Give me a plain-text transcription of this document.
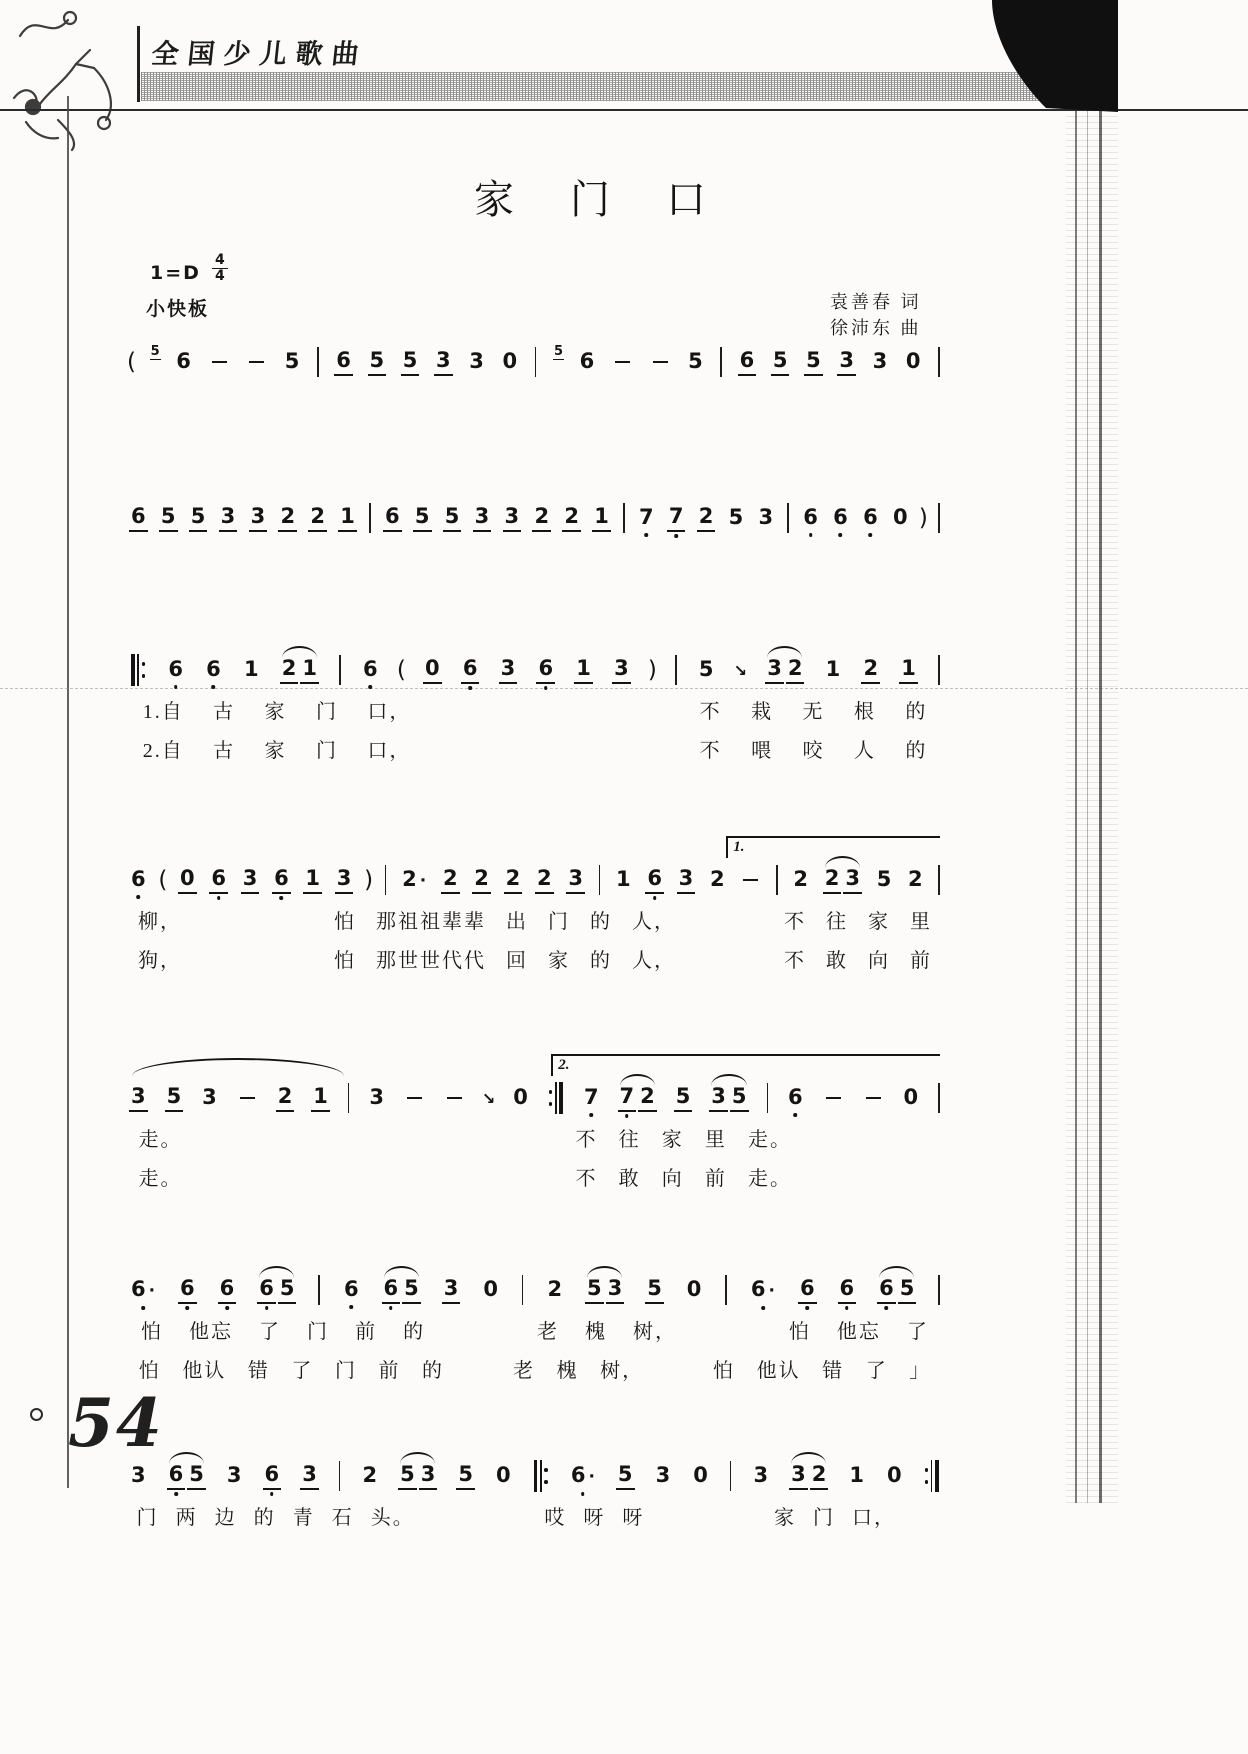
全国少儿歌曲
家门口
$1=D \frac{4}{4}$
小快板	袁善春 词
徐沛东 曲
( 5 6	5 6 5 5 3 3 0	5 6	5 6 5 5 3 3 0
6 5 5 3 3 2 2 1 6 5 5 3 3 2 2 1 7 7 2 5 3 6 6 6 0 )
6 6 1 2 1 6 ( 0 6 3 6 1 3 ) 5 ↘ 3 2 1 2 1
1.自	古	家	门	口，	不	栽	无	根	的
2.自	古	家	门	口，	不	喂	咬	人	的
1.
6 ( 0 6 3 6 1 3 ) 2 · 2 2 2 2 3 1 6 3 2	2 2 3 5 2
柳，	怕	那祖祖辈辈	出	门	的	人，	不	往	家	里
狗，	怕	那世世代代	回	家	的	人，	不	敢	向	前
2.
3 5 3	2 1 3	↘ 0	7 7 2 5 3 5 6	0
走。	不	往	家	里	走。
走。	不	敢	向	前	走。
6 · 6 6 6 5 6 6 5 3 0 2 5 3 5 0 6 · 6 6 6 5
怕	他忘	了	门	前	的	老	槐	树，	怕	他忘	了
怕	他认	错	了	门	前	的	老	槐	树，	怕	他认	错	了	」
3 6 5 3 6 3 2 5 3 5 0	6 · 5 3 0 3 3 2 1 0
门 两 边 的 青 石 头。	哎 呀 呀	家 门 口，
54
